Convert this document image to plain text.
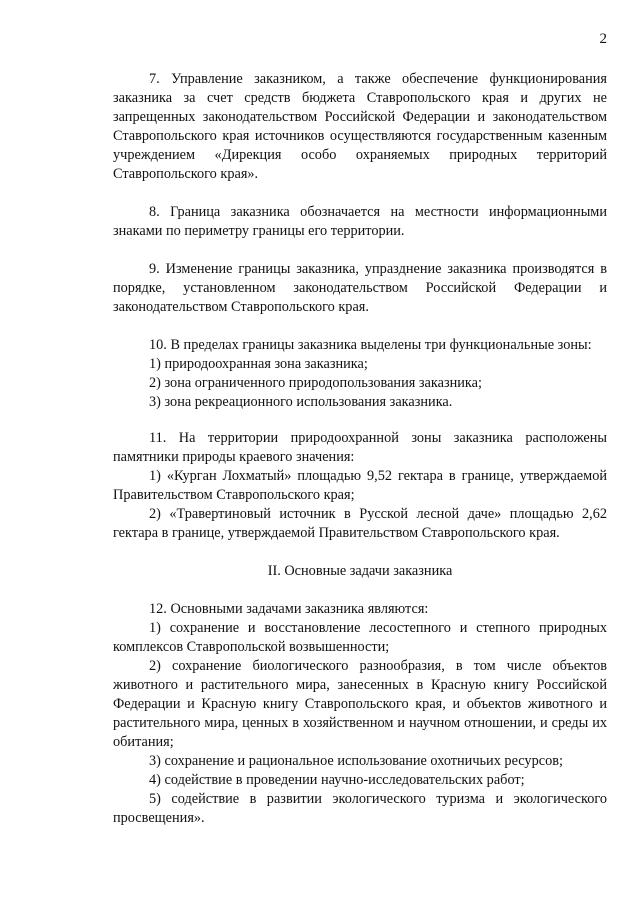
2

7. Управление заказником, а также обеспечение функционирования заказника за счет средств бюджета Ставропольского края и других не запрещенных законодательством Российской Федерации и законодательством Ставропольского края источников осуществляются государственным казенным учреждением «Дирекция особо охраняемых природных территорий Ставропольского края».

8. Граница заказника обозначается на местности информационными знаками по периметру границы его территории.

9. Изменение границы заказника, упразднение заказника производятся в порядке, установленном законодательством Российской Федерации и законодательством Ставропольского края.

10. В пределах границы заказника выделены три функциональные зоны:

1) природоохранная зона заказника;

2) зона ограниченного природопользования заказника;

3) зона рекреационного использования заказника.

11. На территории природоохранной зоны заказника расположены памятники природы краевого значения:

1) «Курган Лохматый» площадью 9,52 гектара в границе, утверждаемой Правительством Ставропольского края;

2) «Травертиновый источник в Русской лесной даче» площадью 2,62 гектара в границе, утверждаемой Правительством Ставропольского края.

II. Основные задачи заказника

12. Основными задачами заказника являются:

1) сохранение и восстановление лесостепного и степного природных комплексов Ставропольской возвышенности;

2) сохранение биологического разнообразия, в том числе объектов животного и растительного мира, занесенных в Красную книгу Российской Федерации и Красную книгу Ставропольского края, и объектов животного и растительного мира, ценных в хозяйственном и научном отношении, и среды их обитания;

3) сохранение и рациональное использование охотничьих ресурсов;

4) содействие в проведении научно-исследовательских работ;

5) содействие в развитии экологического туризма и экологического просвещения».
